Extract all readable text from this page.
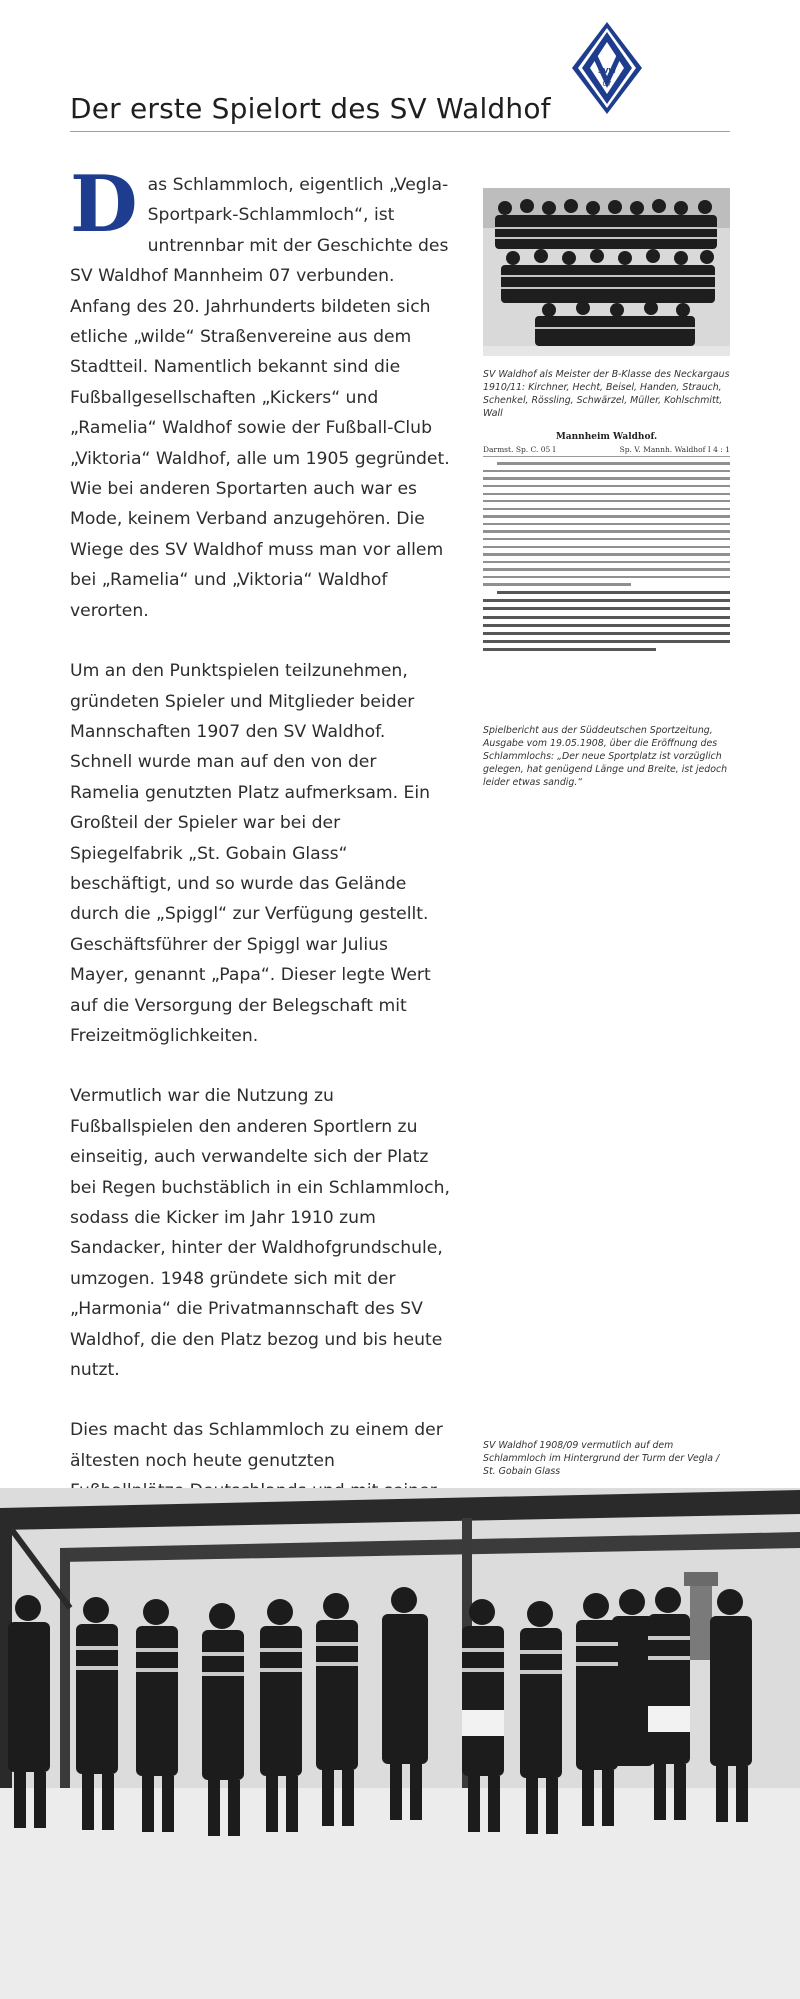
SVW
07
Der erste Spielort des SV Waldhof

Das Schlammloch, eigentlich „Vegla-Sportpark-Schlammloch“, ist untrennbar mit der Geschichte des SV Waldhof Mannheim 07 verbunden. Anfang des 20. Jahrhunderts bildeten sich etliche „wilde“ Straßenvereine aus dem Stadtteil. Namentlich bekannt sind die Fußballgesellschaften „Kickers“ und „Ramelia“ Waldhof sowie der Fußball-Club „Viktoria“ Waldhof, alle um 1905 gegründet. Wie bei anderen Sportarten auch war es Mode, keinem Verband anzugehören. Die Wiege des SV Waldhof muss man vor allem bei „Ramelia“ und „Viktoria“ Waldhof verorten.

Um an den Punktspielen teilzunehmen, gründeten Spieler und Mitglieder beider Mannschaften 1907 den SV Waldhof. Schnell wurde man auf den von der Ramelia genutzten Platz aufmerksam. Ein Großteil der Spieler war bei der Spiegelfabrik „St. Gobain Glass“ beschäftigt, und so wurde das Gelände durch die „Spiggl“ zur Verfügung gestellt. Geschäftsführer der Spiggl war Julius Mayer, genannt „Papa“. Dieser legte Wert auf die Versorgung der Belegschaft mit Freizeitmöglichkeiten.

Vermutlich war die Nutzung zu Fußballspielen den anderen Sportlern zu einseitig, auch verwandelte sich der Platz bei Regen buchstäblich in ein Schlammloch, sodass die Kicker im Jahr 1910 zum Sandacker, hinter der Waldhofgrundschule, umzogen. 1948 gründete sich mit der „Harmonia“ die Privatmannschaft des SV Waldhof, die den Platz bezog und bis heute nutzt.

Dies macht das Schlammloch zu einem der ältesten noch heute genutzten

SV Waldhof als Meister der B-Klasse des Neckargaus 1910/11: Kirchner, Hecht, Beisel, Handen, Strauch, Schenkel, Rössling, Schwärzel, Müller, Kohlschmitt, Wall

Mannheim Waldhof.
Darmst. Sp. C. 05 I	Sp. V. Mannh. Waldhof I 4 : 1

Spielbericht aus der Süddeutschen Sportzeitung, Ausgabe vom 19.05.1908, über die Eröffnung des Schlammlochs: „Der neue Sportplatz ist vorzüglich gelegen, hat genügend Länge und Breite, ist jedoch leider etwas sandig.“

SV Waldhof 1908/09 vermutlich auf dem Schlammloch im Hintergrund der Turm der Vegla / St. Gobain Glass
